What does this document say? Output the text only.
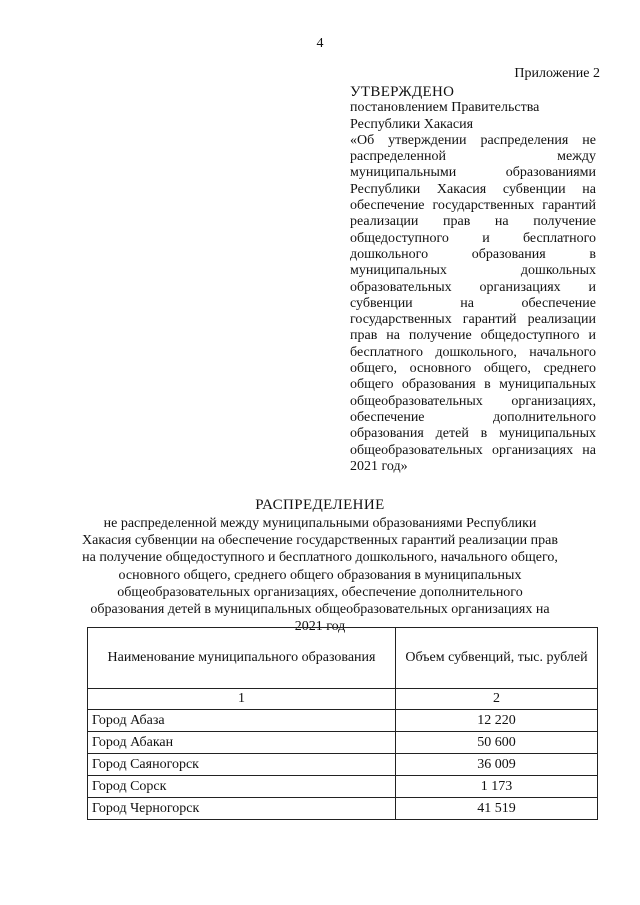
4
Приложение 2
УТВЕРЖДЕНО
постановлением Правительства
Республики Хакасия
«Об утверждении распределения не распределенной между муниципальными образованиями Республики Хакасия субвенции на обеспечение государственных гарантий реализации прав на получение общедоступного и бесплатного дошкольного образования в муниципальных дошкольных образовательных организациях и субвенции на обеспечение государственных гарантий реализации прав на получение общедоступного и бесплатного дошкольного, начального общего, основного общего, среднего общего образования в муниципальных общеобразовательных организациях, обеспечение дополнительного образования детей в муниципальных общеобразовательных организациях на 2021 год»
РАСПРЕДЕЛЕНИЕ
не распределенной между муниципальными образованиями Республики Хакасия субвенции на обеспечение государственных гарантий реализации прав на получение общедоступного и бесплатного дошкольного, начального общего, основного общего, среднего общего образования в муниципальных общеобразовательных организациях, обеспечение дополнительного образования детей в муниципальных общеобразовательных организациях на 2021 год
Наименование муниципального образования	Объем субвенций, тыс. рублей
1	2
Город Абаза	12 220
Город Абакан	50 600
Город Саяногорск	36 009
Город Сорск	1 173
Город Черногорск	41 519
